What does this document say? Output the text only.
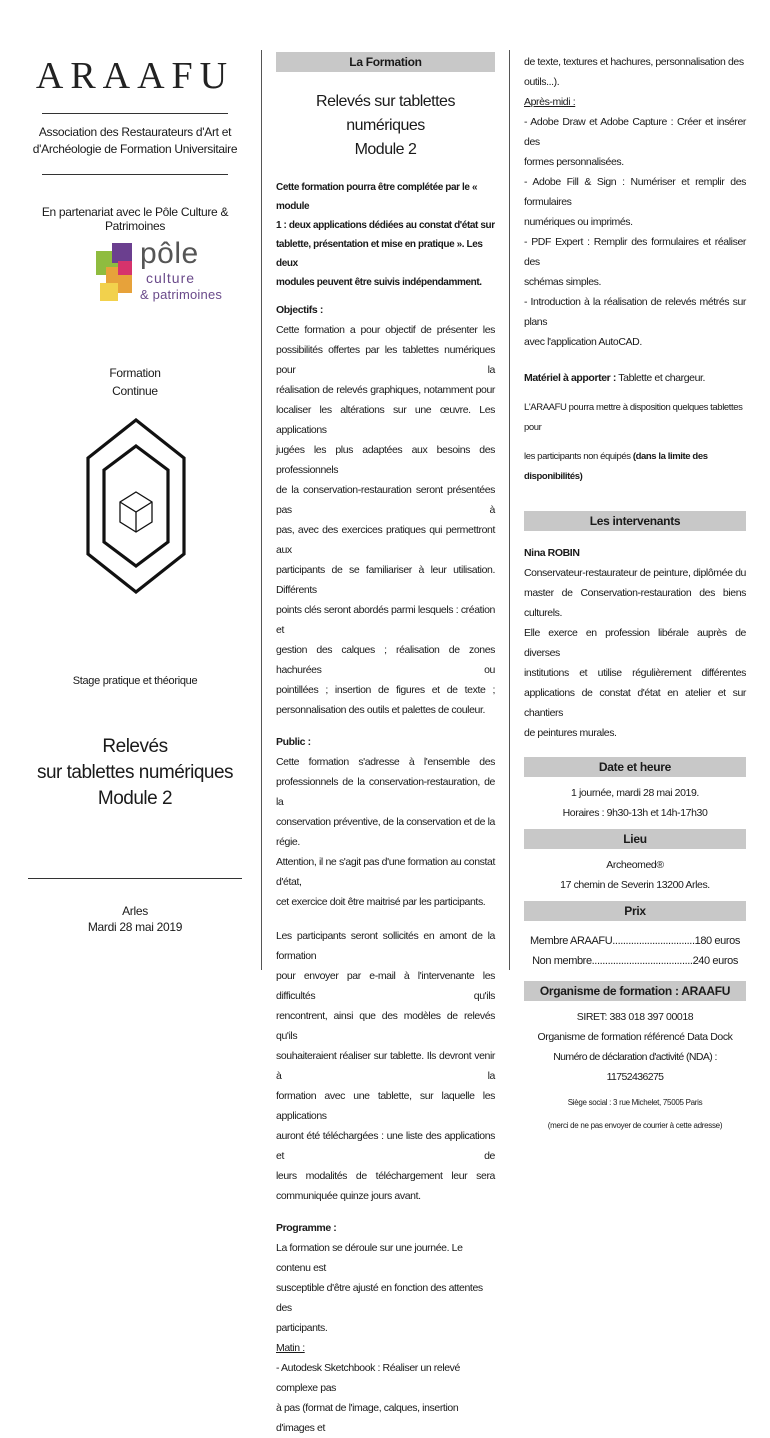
ARAAFU
Association des Restaurateurs d'Art et d'Archéologie de Formation Universitaire
En partenariat avec le Pôle Culture & Patrimoines
pôle
culture
& patrimoines
Formation
Continue
Stage pratique et théorique
Relevés
sur tablettes numériques
Module 2
Arles
Mardi 28 mai 2019
La Formation

Relevés sur tablettes numériques

Module 2

Cette formation pourra être complétée par le « module

1 : deux applications dédiées au constat d'état sur

tablette, présentation et mise en pratique ». Les deux

modules peuvent être suivis indépendamment.

Objectifs :

Cette formation a pour objectif de présenter les

possibilités offertes par les tablettes numériques pour la

réalisation de relevés graphiques, notamment pour

localiser les altérations sur une œuvre. Les applications

jugées les plus adaptées aux besoins des professionnels

de la conservation-restauration seront présentées pas à

pas, avec des exercices pratiques qui permettront aux

participants de se familiariser à leur utilisation. Différents

points clés seront abordés parmi lesquels : création et

gestion des calques ; réalisation de zones hachurées ou

pointillées ; insertion de figures et de texte ;

personnalisation des outils et palettes de couleur.

Public :

Cette formation s'adresse à l'ensemble des

professionnels de la conservation-restauration, de la

conservation préventive, de la conservation et de la régie.

Attention, il ne s'agit pas d'une formation au constat d'état,

cet exercice doit être maitrisé par les participants.

Les participants seront sollicités en amont de la formation

pour envoyer par e-mail à l'intervenante les difficultés qu'ils

rencontrent, ainsi que des modèles de relevés qu'ils

souhaiteraient réaliser sur tablette. Ils devront venir à la

formation avec une tablette, sur laquelle les applications

auront été téléchargées : une liste des applications et de

leurs modalités de téléchargement leur sera

communiquée quinze jours avant.

Programme :

La formation se déroule sur une journée. Le contenu est

susceptible d'être ajusté en fonction des attentes des

participants.

Matin :

- Autodesk Sketchbook : Réaliser un relevé complexe pas

à pas (format de l'image, calques, insertion d'images et

de texte, textures et hachures, personnalisation des

outils...).

Après-midi :

- Adobe Draw et Adobe Capture : Créer et insérer des

formes personnalisées.

- Adobe Fill & Sign : Numériser et remplir des formulaires

numériques ou imprimés.

- PDF Expert : Remplir des formulaires et réaliser des

schémas simples.

- Introduction à la réalisation de relevés métrés sur plans

avec l'application AutoCAD.

Matériel à apporter : Tablette et chargeur.

L'ARAAFU pourra mettre à disposition quelques tablettes pour

les participants non équipés (dans la limite des disponibilités)

Les intervenants

Nina ROBIN

Conservateur-restaurateur de peinture, diplômée du

master de Conservation-restauration des biens culturels.

Elle exerce en profession libérale auprès de diverses

institutions et utilise régulièrement différentes

applications de constat d'état en atelier et sur chantiers

de peintures murales.

Date et heure

1 journée, mardi 28 mai 2019.

Horaires : 9h30-13h et 14h-17h30

Lieu

Archeomed®

17 chemin de Severin 13200 Arles.

Prix
Membre ARAAFU............................... 180 euros
Non membre...................................... 240 euros
Organisme de formation : ARAAFU

SIRET: 383 018 397 00018

Organisme de formation référencé Data Dock

Numéro de déclaration d'activité (NDA) : 11752436275

Siège social : 3 rue Michelet, 75005 Paris

(merci de ne pas envoyer de courrier à cette adresse)
